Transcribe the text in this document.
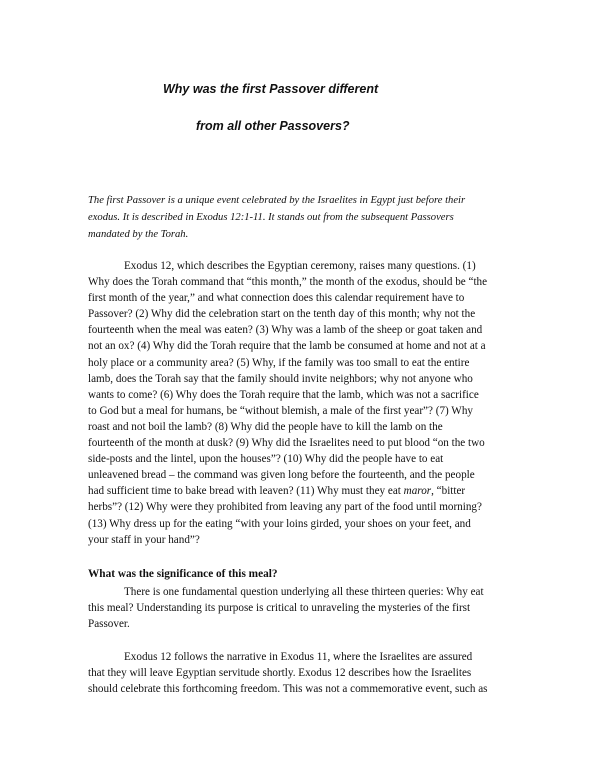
Why was the first Passover different
from all other Passovers?
The first Passover is a unique event celebrated by the Israelites in Egypt just before their
exodus. It is described in Exodus 12:1-11. It stands out from the subsequent Passovers
mandated by the Torah.
Exodus 12, which describes the Egyptian ceremony, raises many questions. (1)
Why does the Torah command that “this month,” the month of the exodus, should be “the
first month of the year,” and what connection does this calendar requirement have to
Passover? (2) Why did the celebration start on the tenth day of this month; why not the
fourteenth when the meal was eaten? (3) Why was a lamb of the sheep or goat taken and
not an ox? (4) Why did the Torah require that the lamb be consumed at home and not at a
holy place or a community area? (5) Why, if the family was too small to eat the entire
lamb, does the Torah say that the family should invite neighbors; why not anyone who
wants to come? (6) Why does the Torah require that the lamb, which was not a sacrifice
to God but a meal for humans, be “without blemish, a male of the first year”? (7) Why
roast and not boil the lamb? (8) Why did the people have to kill the lamb on the
fourteenth of the month at dusk? (9) Why did the Israelites need to put blood “on the two
side-posts and the lintel, upon the houses”? (10) Why did the people have to eat
unleavened bread – the command was given long before the fourteenth, and the people
had sufficient time to bake bread with leaven? (11) Why must they eat maror, “bitter
herbs”? (12) Why were they prohibited from leaving any part of the food until morning?
(13) Why dress up for the eating “with your loins girded, your shoes on your feet, and
your staff in your hand”?
What was the significance of this meal?
There is one fundamental question underlying all these thirteen queries: Why eat
this meal? Understanding its purpose is critical to unraveling the mysteries of the first
Passover.
Exodus 12 follows the narrative in Exodus 11, where the Israelites are assured
that they will leave Egyptian servitude shortly. Exodus 12 describes how the Israelites
should celebrate this forthcoming freedom. This was not a commemorative event, such as
